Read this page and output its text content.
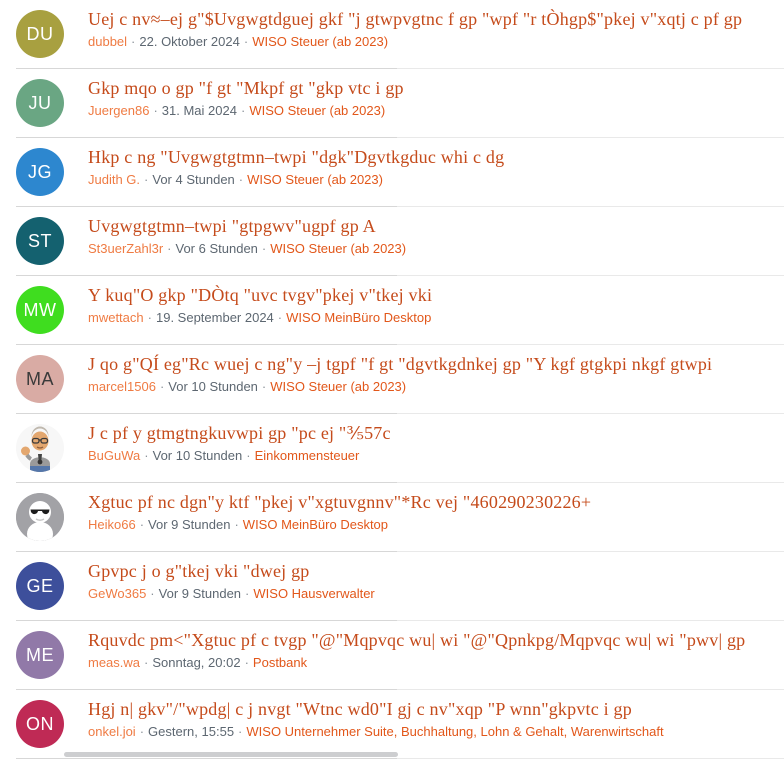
DU
Uej c nv≈–ej g"$Uvgwgtdguej gkf "j gtwpvgtnc f gp "wpf "r tÒhgp$"pkej v"xqtj c pf gp
dubbel · 22. Oktober 2024 · WISO Steuer (ab 2023)
JU
Gkp mqo o gp "f gt "Mkpf gt "gkp vtc i gp
Juergen86 · 31. Mai 2024 · WISO Steuer (ab 2023)
JG
Hkp c ng "Uvgwgtgtmn–twpi "dgk"Dgvtkgduc whi c dg
Judith G. · Vor 4 Stunden · WISO Steuer (ab 2023)
ST
Uvgwgtgtmn–twpi "gtpgwv"ugpf gp A
St3uerZahl3r · Vor 6 Stunden · WISO Steuer (ab 2023)
MW
Y kuq"O gkp "DÒtq "uvc tvgv"pkej v"tkej vki
mwettach · 19. September 2024 · WISO MeinBüro Desktop
MA
J qo g"QÍ eg"Rc wuej c ng"y –j tgpf "f gt "dgvtkgdnkej gp "Y kgf gtgkpi nkgf gtwpi
marcel1506 · Vor 10 Stunden · WISO Steuer (ab 2023)
J c pf y gtmgtngkuvwpi gp "pc ej "⅗57c
BuGuWa · Vor 10 Stunden · Einkommensteuer
Xgtuc pf nc dgn"y ktf "pkej v"xgtuvgnnv"*Rc vej "460290230226+
Heiko66 · Vor 9 Stunden · WISO MeinBüro Desktop
GE
Gpvpc j o g"tkej vki "dwej gp
GeWo365 · Vor 9 Stunden · WISO Hausverwalter
ME
Rquvdc pm<"Xgtuc pf c tvgp "@"Mqpvqc wu| wi "@"Qpnkpg/Mqpvqc wu| wi "pwv| gp
meas.wa · Sonntag, 20:02 · Postbank
ON
Hgj n| gkv"/"wpdg| c j nvgt "Wtnc wd0"I gj c nv"xqp "P wnn"gkpvtc i gp
onkel.joi · Gestern, 15:55 · WISO Unternehmer Suite, Buchhaltung, Lohn & Gehalt, Warenwirtschaft
